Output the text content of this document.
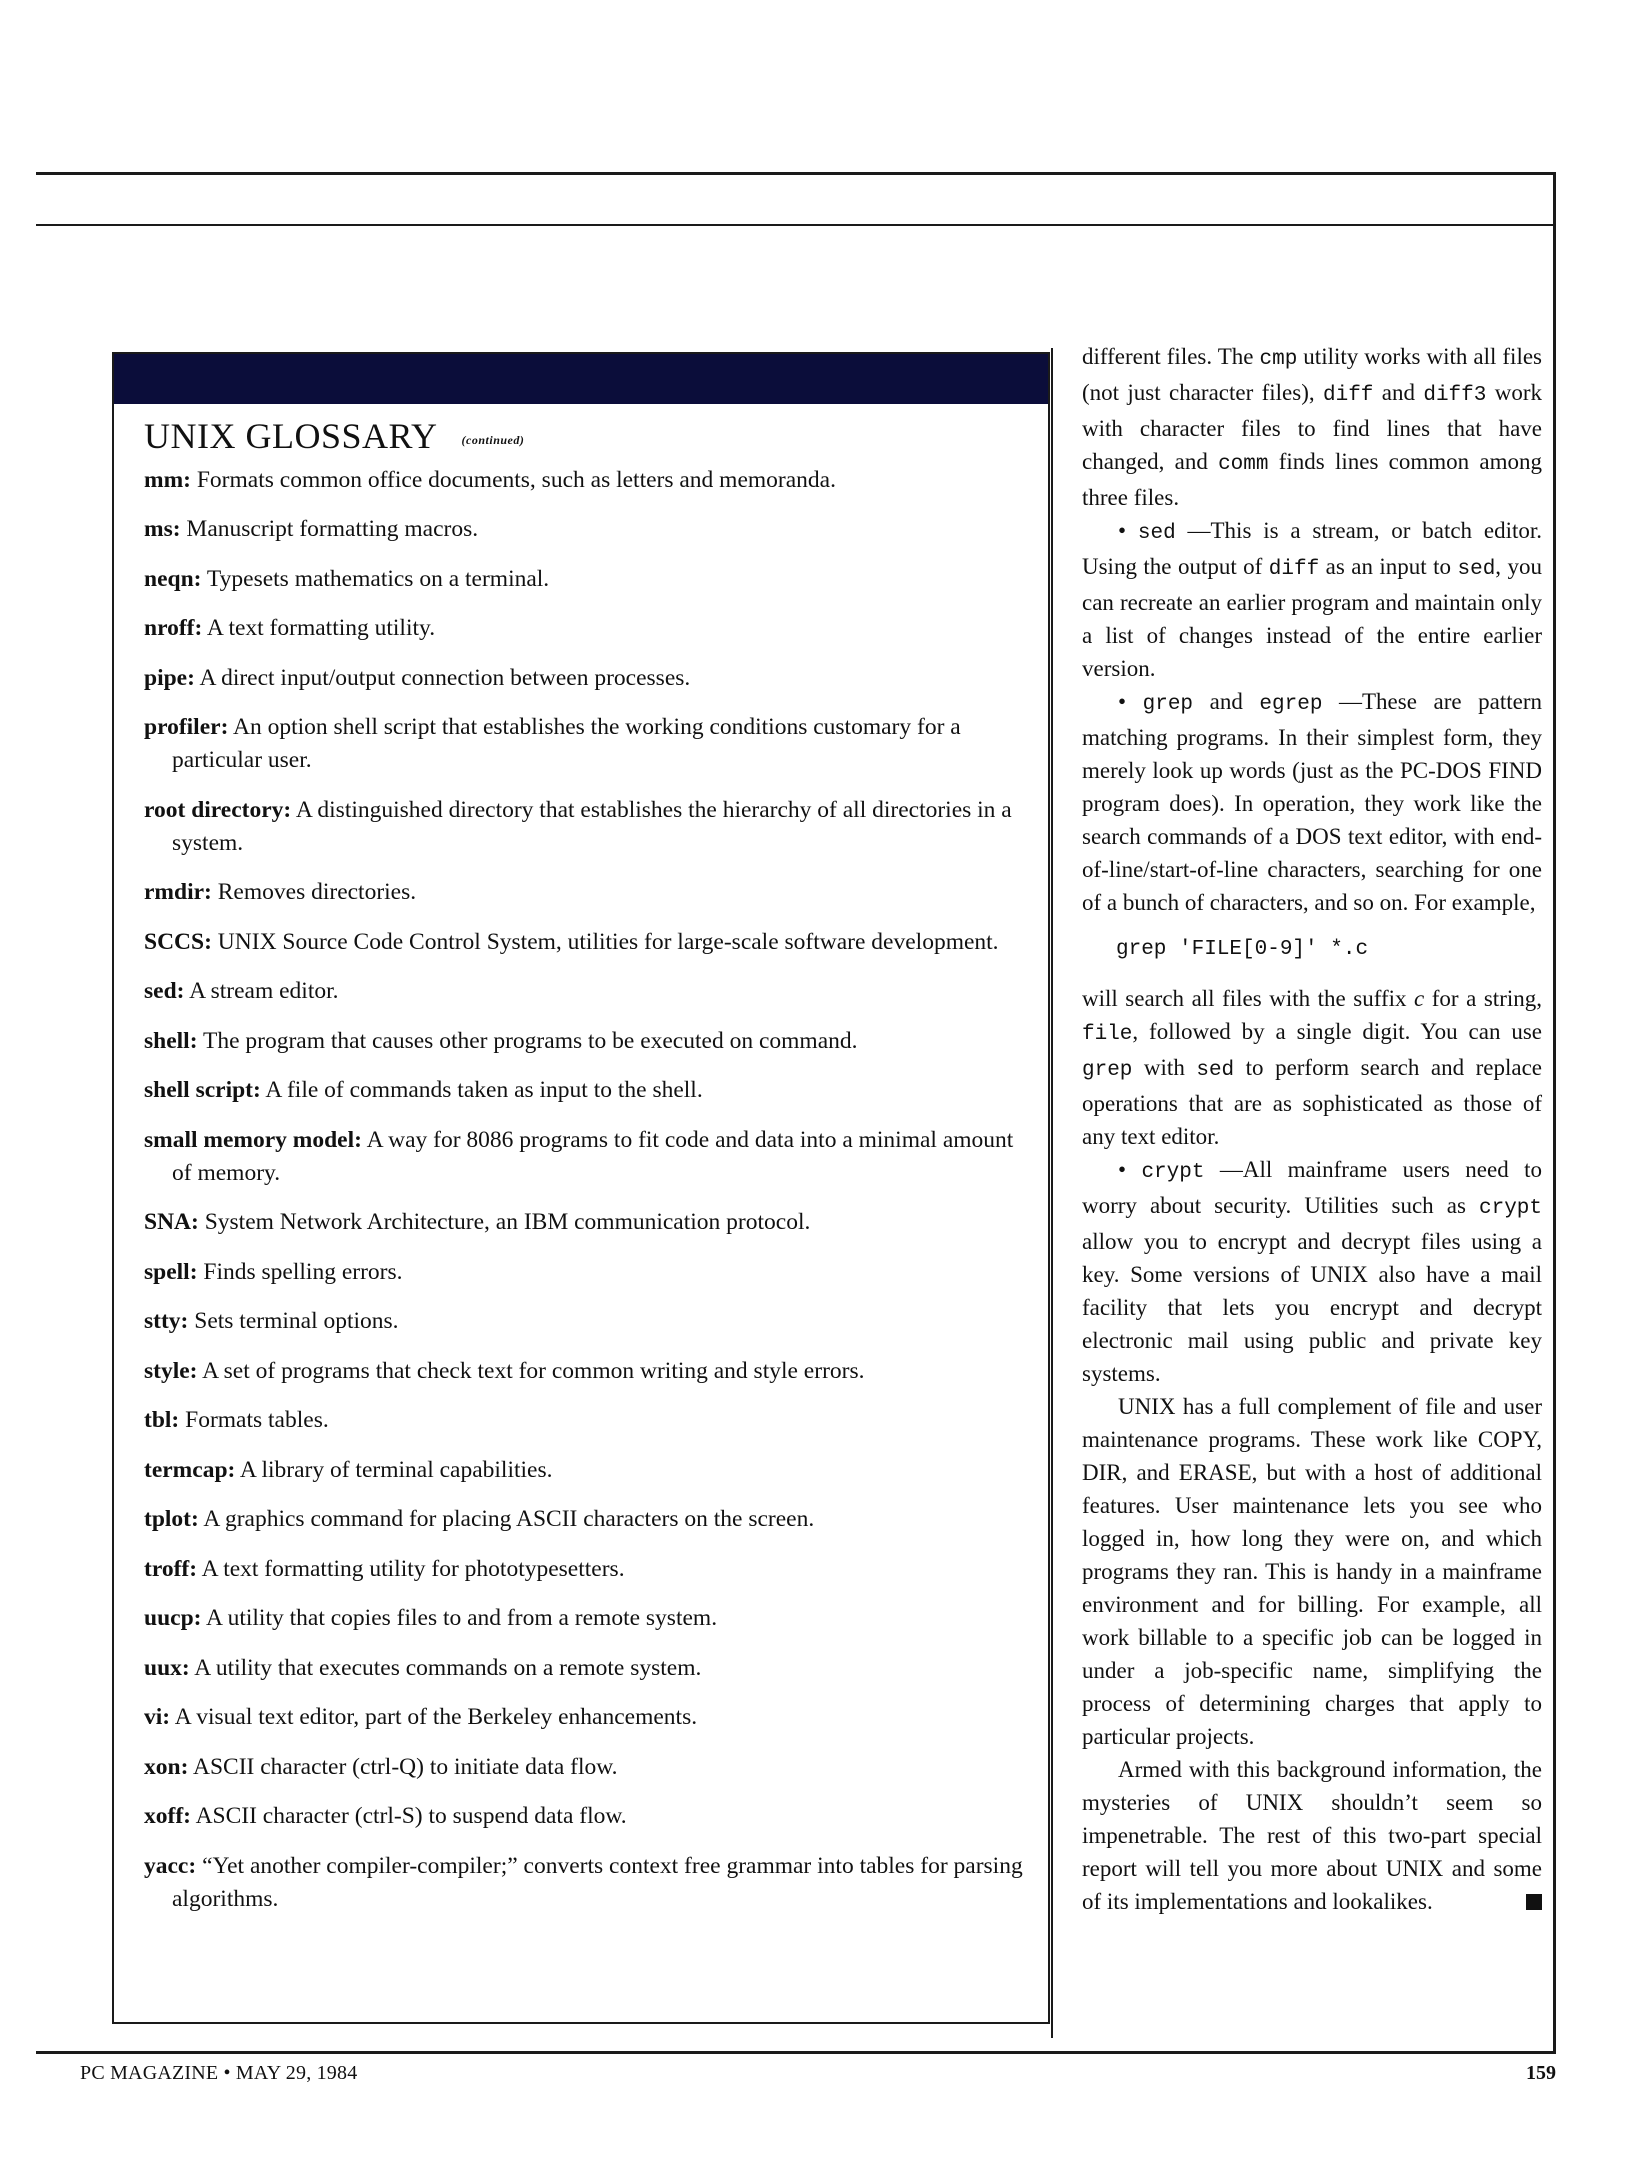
UNIX GLOSSARY (continued)

mm: Formats common office documents, such as letters and memoranda.

ms: Manuscript formatting macros.

neqn: Typesets mathematics on a terminal.

nroff: A text formatting utility.

pipe: A direct input/output connection between processes.

profiler: An option shell script that establishes the working conditions customary for a particular user.

root directory: A distinguished directory that establishes the hierarchy of all directories in a system.

rmdir: Removes directories.

SCCS: UNIX Source Code Control System, utilities for large-scale software development.

sed: A stream editor.

shell: The program that causes other programs to be executed on command.

shell script: A file of commands taken as input to the shell.

small memory model: A way for 8086 programs to fit code and data into a minimal amount of memory.

SNA: System Network Architecture, an IBM communication protocol.

spell: Finds spelling errors.

stty: Sets terminal options.

style: A set of programs that check text for common writing and style errors.

tbl: Formats tables.

termcap: A library of terminal capabilities.

tplot: A graphics command for placing ASCII characters on the screen.

troff: A text formatting utility for phototypesetters.

uucp: A utility that copies files to and from a remote system.

uux: A utility that executes commands on a remote system.

vi: A visual text editor, part of the Berkeley enhancements.

xon: ASCII character (ctrl-Q) to initiate data flow.

xoff: ASCII character (ctrl-S) to suspend data flow.

yacc: “Yet another compiler-compiler;” converts context free grammar into tables for parsing algorithms.

different files. The cmp utility works with all files (not just character files), diff and diff3 work with character files to find lines that have changed, and comm finds lines common among three files.

• sed —This is a stream, or batch editor. Using the output of diff as an input to sed, you can recreate an earlier program and maintain only a list of changes instead of the entire earlier version.

• grep and egrep —These are pattern matching programs. In their simplest form, they merely look up words (just as the PC-DOS FIND program does). In operation, they work like the search commands of a DOS text editor, with end-of-line/start-of-line characters, searching for one of a bunch of characters, and so on. For example,

grep 'FILE[0-9]' *.c

will search all files with the suffix c for a string, file, followed by a single digit. You can use grep with sed to perform search and replace operations that are as sophisticated as those of any text editor.

• crypt —All mainframe users need to worry about security. Utilities such as crypt allow you to encrypt and decrypt files using a key. Some versions of UNIX also have a mail facility that lets you encrypt and decrypt electronic mail using public and private key systems.

UNIX has a full complement of file and user maintenance programs. These work like COPY, DIR, and ERASE, but with a host of additional features. User maintenance lets you see who logged in, how long they were on, and which programs they ran. This is handy in a mainframe environment and for billing. For example, all work billable to a specific job can be logged in under a job-specific name, simplifying the process of determining charges that apply to particular projects.

Armed with this background information, the mysteries of UNIX shouldn’t seem so impenetrable. The rest of this two-part special report will tell you more about UNIX and some of its implementations and lookalikes.

PC MAGAZINE • MAY 29, 1984	159
